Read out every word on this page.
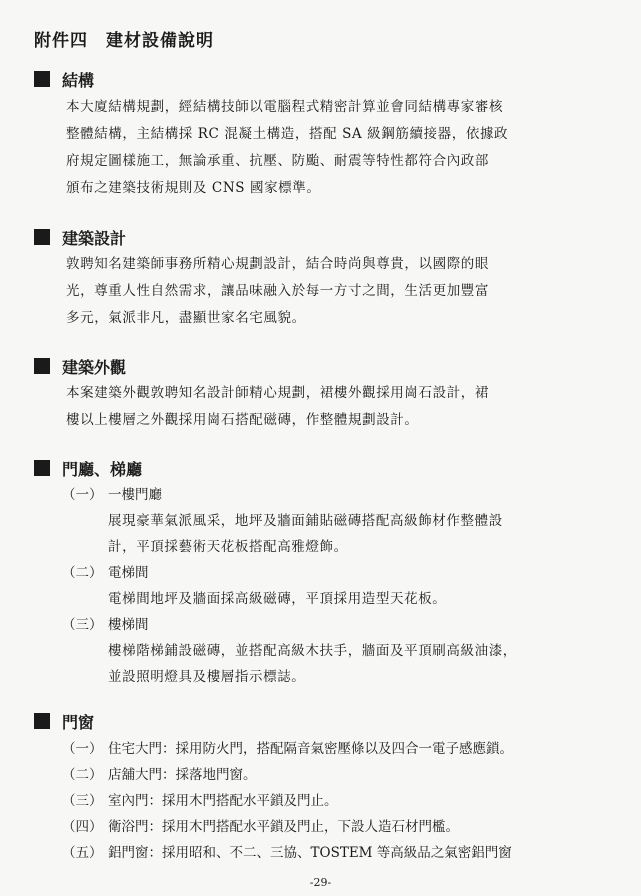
附件四　建材設備說明
結構
本大廈結構規劃，經結構技師以電腦程式精密計算並會同結構專家審核
整體結構，主結構採 RC 混凝土構造，搭配 SA 級鋼筋續接器，依據政
府規定圖樣施工，無論承重、抗壓、防颱、耐震等特性都符合內政部
頒布之建築技術規則及 CNS 國家標準。
建築設計
敦聘知名建築師事務所精心規劃設計，結合時尚與尊貴，以國際的眼
光，尊重人性自然需求，讓品味融入於每一方寸之間，生活更加豐富
多元，氣派非凡，盡顯世家名宅風貌。
建築外觀
本案建築外觀敦聘知名設計師精心規劃，裙樓外觀採用崗石設計，裙
樓以上樓層之外觀採用崗石搭配磁磚，作整體規劃設計。
門廳、梯廳
（一） 一樓門廳
展現豪華氣派風采，地坪及牆面鋪貼磁磚搭配高級飾材作整體設
計，平頂採藝術天花板搭配高雅燈飾。
（二） 電梯間
電梯間地坪及牆面採高級磁磚，平頂採用造型天花板。
（三） 樓梯間
樓梯階梯鋪設磁磚，並搭配高級木扶手，牆面及平頂刷高級油漆，
並設照明燈具及樓層指示標誌。
門窗
（一） 住宅大門：採用防火門，搭配隔音氣密壓條以及四合一電子感應鎖。
（二） 店舖大門：採落地門窗。
（三） 室內門：採用木門搭配水平鎖及門止。
（四） 衛浴門：採用木門搭配水平鎖及門止，下設人造石材門檻。
（五） 鋁門窗：採用昭和、不二、三協、TOSTEM 等高級品之氣密鋁門窗
-29-
